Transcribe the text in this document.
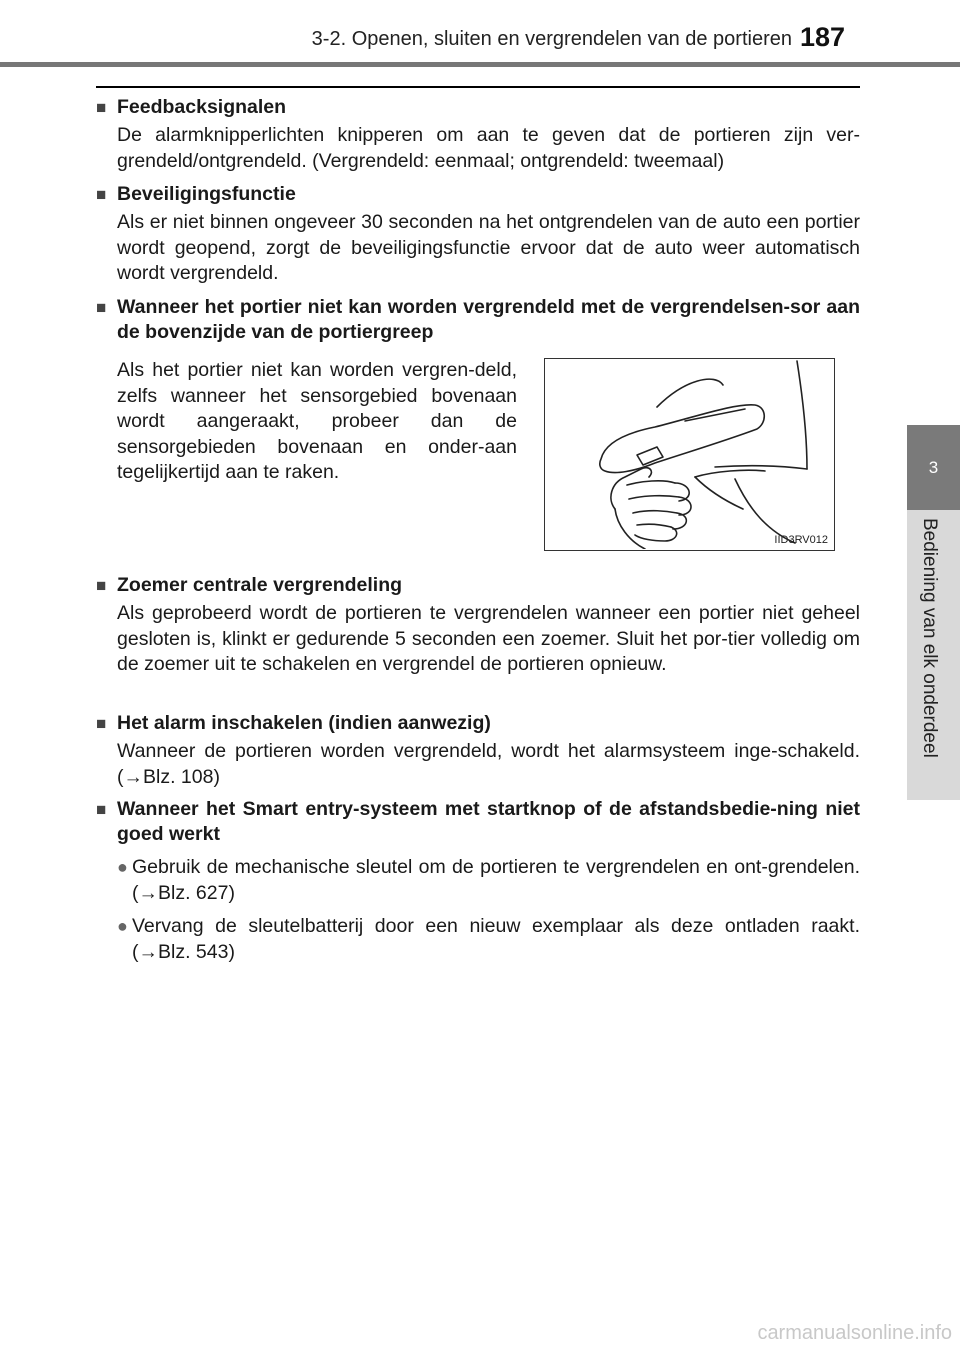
3-2. Openen, sluiten en vergrendelen van de portieren 187
3
Bediening van elk onderdeel
■ Feedbacksignalen
De alarmknipperlichten knipperen om aan te geven dat de portieren zijn ver-grendeld/ontgrendeld. (Vergrendeld: eenmaal; ontgrendeld: tweemaal)
■ Beveiligingsfunctie
Als er niet binnen ongeveer 30 seconden na het ontgrendelen van de auto een portier wordt geopend, zorgt de beveiligingsfunctie ervoor dat de auto weer automatisch wordt vergrendeld.
■ Wanneer het portier niet kan worden vergrendeld met de vergrendelsen-sor aan de bovenzijde van de portiergreep
Als het portier niet kan worden vergren-deld, zelfs wanneer het sensorgebied bovenaan wordt aangeraakt, probeer dan de sensorgebieden bovenaan en onder-aan tegelijkertijd aan te raken.
IID3RV012
■ Zoemer centrale vergrendeling
Als geprobeerd wordt de portieren te vergrendelen wanneer een portier niet geheel gesloten is, klinkt er gedurende 5 seconden een zoemer. Sluit het por-tier volledig om de zoemer uit te schakelen en vergrendel de portieren opnieuw.
■ Het alarm inschakelen (indien aanwezig)
Wanneer de portieren worden vergrendeld, wordt het alarmsysteem inge-schakeld. (→Blz. 108)
■ Wanneer het Smart entry-systeem met startknop of de afstandsbedie-ning niet goed werkt
● Gebruik de mechanische sleutel om de portieren te vergrendelen en ont-grendelen. (→Blz. 627)
● Vervang de sleutelbatterij door een nieuw exemplaar als deze ontladen raakt. (→Blz. 543)
carmanualsonline.info
